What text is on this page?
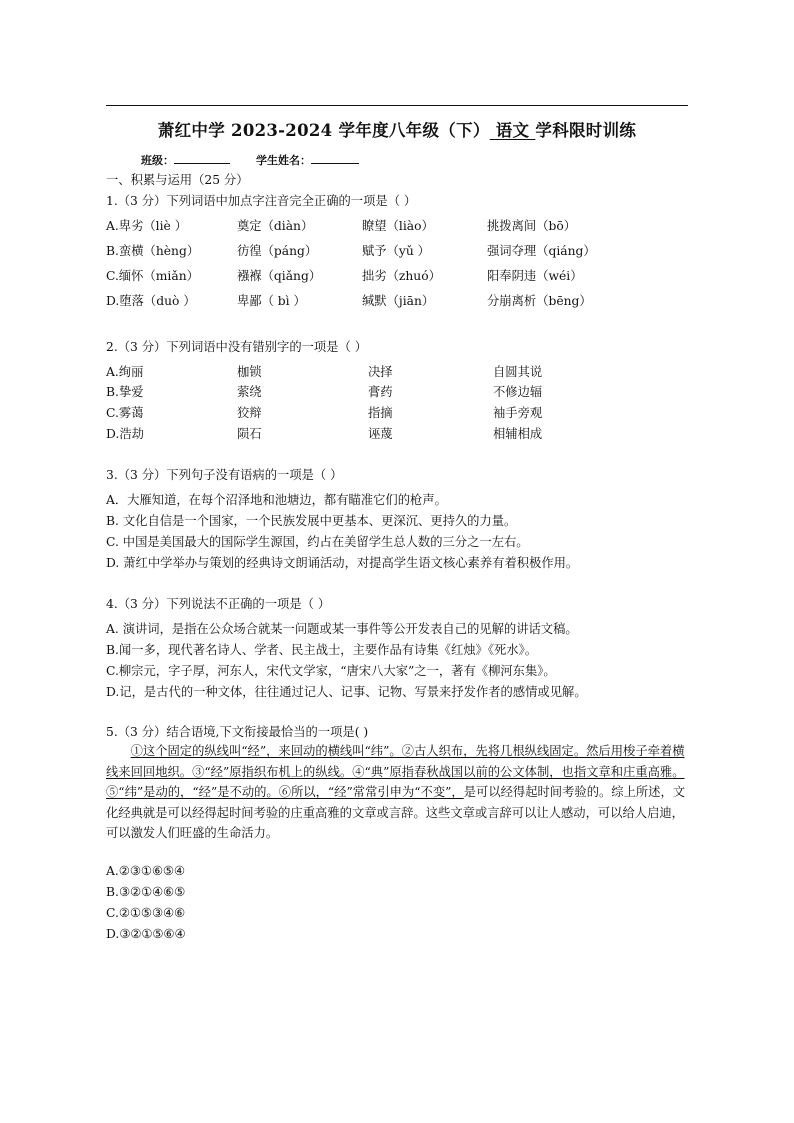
萧红中学 2023-2024 学年度八年级（下） 语文 学科限时训练
班级：	学生姓名：
一、积累与运用（25 分）
1.（3 分）下列词语中加点字注音完全正确的一项是（ ）
A.卑劣（liè ）	奠定（diàn）	瞭望（liào）	挑拨离间（bō）
B.蛮横（hèng）	彷徨（páng）	赋予（yǔ ）	强词夺理（qiáng）
C.缅怀（miǎn）	襁褓（qiǎng）	拙劣（zhuó）	阳奉阴违（wéi）
D.堕落（duò ）	卑鄙（ bì ）	缄默（jiān）	分崩离析（bēng）
2.（3 分）下列词语中没有错别字的一项是（ ）
A.绚丽	枷锁	决择	自圆其说
B.挚爱	萦绕	膏药	不修边辐
C.雾蔼	狡辩	指摘	袖手旁观
D.浩劫	陨石	诬蔑	相辅相成
3.（3 分）下列句子没有语病的一项是（ ）
A．大雁知道，在每个沼泽地和池塘边，都有瞄准它们的枪声。
B. 文化自信是一个国家，一个民族发展中更基本、更深沉、更持久的力量。
C. 中国是美国最大的国际学生源国，约占在美留学生总人数的三分之一左右。
D. 萧红中学举办与策划的经典诗文朗诵活动，对提高学生语文核心素养有着积极作用。
4.（3 分）下列说法不正确的一项是（ ）
A. 演讲词，是指在公众场合就某一问题或某一事件等公开发表自己的见解的讲话文稿。
B.闻一多，现代著名诗人、学者、民主战士，主要作品有诗集《红烛》《死水》。
C.柳宗元，字子厚，河东人，宋代文学家，“唐宋八大家”之一，著有《柳河东集》。
D.记，是古代的一种文体，往往通过记人、记事、记物、写景来抒发作者的感情或见解。
5.（3 分）结合语境,下文衔接最恰当的一项是( )
①这个固定的纵线叫“经”，来回动的横线叫“纬”。②古人织布，先将几根纵线固定。然后用梭子牵着横线来回回地织。③“经”原指织布机上的纵线。④“典”原指春秋战国以前的公文体制，也指文章和庄重高雅。⑤“纬”是动的，“经”是不动的。⑥所以，“经”常常引申为“不变”，是可以经得起时间考验的。综上所述，文化经典就是可以经得起时间考验的庄重高雅的文章或言辞。这些文章或言辞可以让人感动，可以给人启迪，可以激发人们旺盛的生命活力。
A.②③①⑥⑤④
B.③②①④⑥⑤
C.②①⑤③④⑥
D.③②①⑤⑥④
